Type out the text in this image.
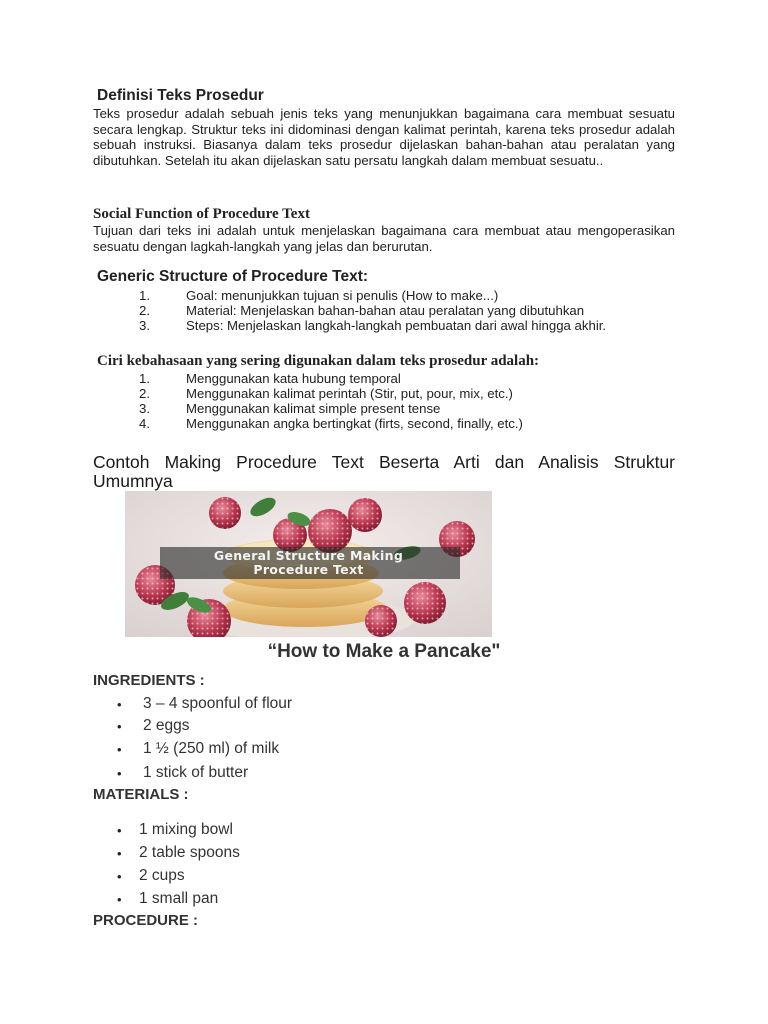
Definisi Teks Prosedur
Teks prosedur adalah sebuah jenis teks yang menunjukkan bagaimana cara membuat sesuatu secara lengkap. Struktur teks ini didominasi dengan kalimat perintah, karena teks prosedur adalah sebuah instruksi. Biasanya dalam teks prosedur dijelaskan bahan-bahan atau peralatan yang dibutuhkan. Setelah itu akan dijelaskan satu persatu langkah dalam membuat sesuatu..
Social Function of Procedure Text
Tujuan dari teks ini adalah untuk menjelaskan bagaimana cara membuat atau mengoperasikan sesuatu dengan lagkah-langkah yang jelas dan berurutan.
Generic Structure of Procedure Text:
1.	Goal: menunjukkan tujuan si penulis (How to make...)
2.	Material: Menjelaskan bahan-bahan atau peralatan yang dibutuhkan
3.	Steps: Menjelaskan langkah-langkah pembuatan dari awal hingga akhir.
Ciri kebahasaan yang sering digunakan dalam teks prosedur adalah:
1.	Menggunakan kata hubung temporal
2.	Menggunakan kalimat perintah (Stir, put, pour, mix, etc.)
3.	Menggunakan kalimat simple present tense
4.	Menggunakan angka bertingkat (firts, second, finally, etc.)
Contoh Making Procedure Text Beserta Arti dan Analisis Struktur Umumnya
General Structure Making
Procedure Text
“How to Make a Pancake"
INGREDIENTS :
• 3 – 4 spoonful of flour
• 2 eggs
• 1 ½ (250 ml) of milk
• 1 stick of butter
MATERIALS :
• 1 mixing bowl
• 2 table spoons
• 2 cups
• 1 small pan
PROCEDURE :
